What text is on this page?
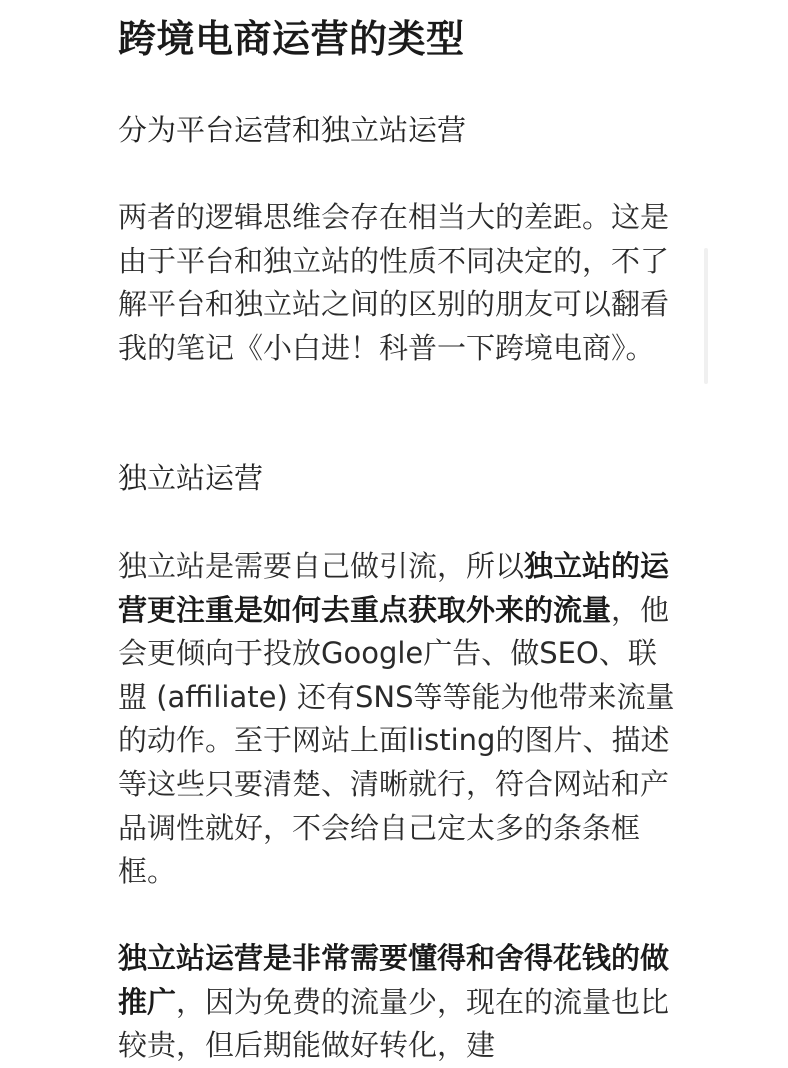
跨境电商运营的类型
分为平台运营和独立站运营

两者的逻辑思维会存在相当大的差距。这是由于平台和独立站的性质不同决定的，不了解平台和独立站之间的区别的朋友可以翻看我的笔记《小白进！科普一下跨境电商》。

独立站运营

独立站是需要自己做引流，所以独立站的运营更注重是如何去重点获取外来的流量，他会更倾向于投放Google广告、做SEO、联盟 (affiliate) 还有SNS等等能为他带来流量的动作。至于网站上面listing的图片、描述等这些只要清楚、清晰就行，符合网站和产品调性就好，不会给自己定太多的条条框框。

独立站运营是非常需要懂得和舍得花钱的做推广，因为免费的流量少，现在的流量也比较贵，但后期能做好转化，建
